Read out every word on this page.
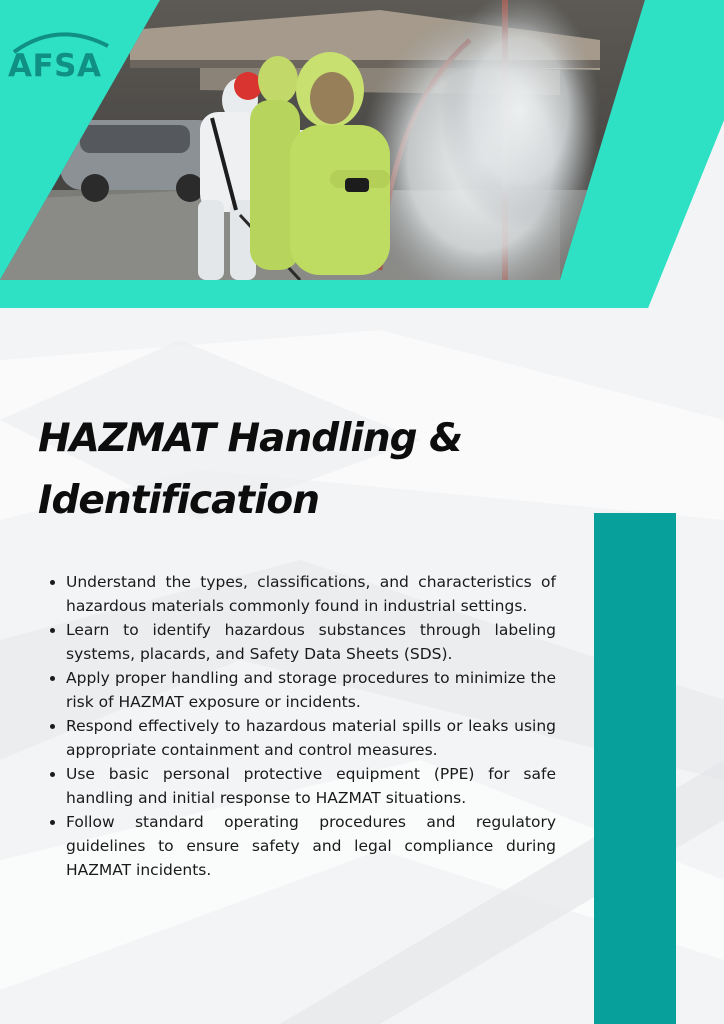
AFSA
HAZMAT Handling &
Identification
• Understand the types, classifications, and characteristics of hazardous materials commonly found in industrial settings.
• Learn to identify hazardous substances through labeling systems, placards, and Safety Data Sheets (SDS).
• Apply proper handling and storage procedures to minimize the risk of HAZMAT exposure or incidents.
• Respond effectively to hazardous material spills or leaks using appropriate containment and control measures.
• Use basic personal protective equipment (PPE) for safe handling and initial response to HAZMAT situations.
• Follow standard operating procedures and regulatory guidelines to ensure safety and legal compliance during HAZMAT incidents.
